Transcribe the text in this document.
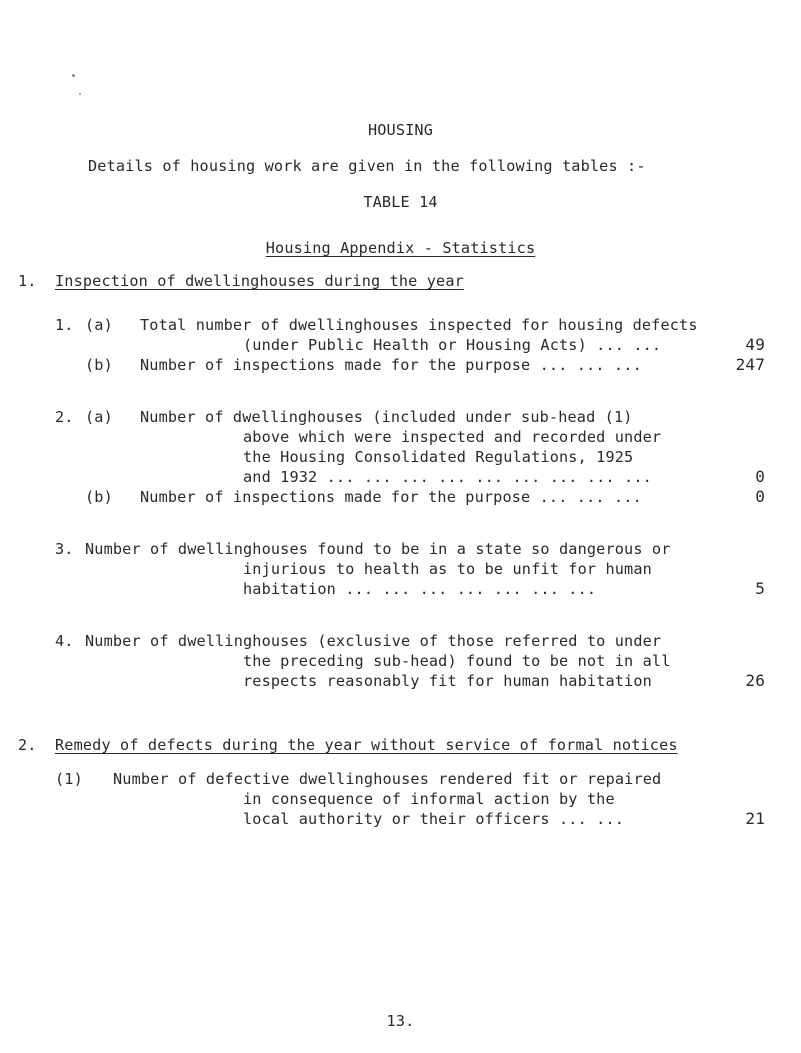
HOUSING
Details of housing work are given in the following tables :-
TABLE 14
Housing Appendix - Statistics
1. Inspection of dwellinghouses during the year
1. (a) Total number of dwellinghouses inspected for housing defects
(under Public Health or Housing Acts) ... ...	49
(b) Number of inspections made for the purpose ... ... ...	247
2. (a) Number of dwellinghouses (included under sub-head (1)
above which were inspected and recorded under
the Housing Consolidated Regulations, 1925
and 1932 ... ... ... ... ... ... ... ... ...	0
(b) Number of inspections made for the purpose ... ... ...	0
3. Number of dwellinghouses found to be in a state so dangerous or
injurious to health as to be unfit for human
habitation ... ... ... ... ... ... ...	5
4. Number of dwellinghouses (exclusive of those referred to under
the preceding sub-head) found to be not in all
respects reasonably fit for human habitation	26
2. Remedy of defects during the year without service of formal notices
(1) Number of defective dwellinghouses rendered fit or repaired
in consequence of informal action by the
local authority or their officers ... ...	21
13.
